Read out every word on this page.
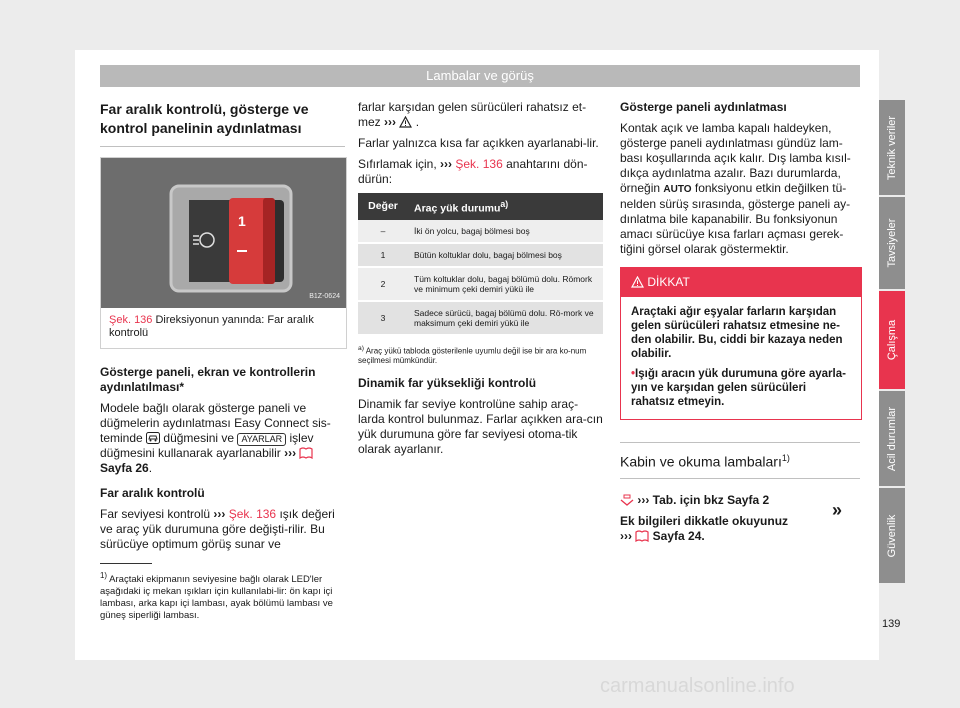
Lambalar ve görüş
Far aralık kontrolü, gösterge ve kontrol panelinin aydınlatması
1
B1Z-0624
Şek. 136 Direksiyonun yanında: Far aralık kontrolü

Gösterge paneli, ekran ve kontrollerin aydınlatılması*

Modele bağlı olarak gösterge paneli ve düğmelerin aydınlatması Easy Connect sis-teminde düğmesini ve AYARLAR işlev düğmesini kullanarak ayarlanabilir ›››  Sayfa 26.

Far aralık kontrolü

Far seviyesi kontrolü ››› Şek. 136 ışık değeri ve araç yük durumuna göre değişti-rilir. Bu sürücüye optimum görüş sunar ve

$^{1)}$ Araçtaki ekipmanın seviyesine bağlı olarak LED'ler aşağıdaki iç mekan ışıkları için kullanılabi-lir: ön kapı içi lambası, arka kapı içi lambası, ayak bölümü lambası ve güneş siperliği lambası.

farlar karşıdan gelen sürücüleri rahatsız et-mez ›››  .

Farlar yalnızca kısa far açıkken ayarlanabi-lir.

Sıfırlamak için, ››› Şek. 136 anahtarını dön-dürün:

Değer	Araç yük durumu$^{a)}$
–	İki ön yolcu, bagaj bölmesi boş
1	Bütün koltuklar dolu, bagaj bölmesi boş
2	Tüm koltuklar dolu, bagaj bölümü dolu. Römork ve minimum çeki demiri yükü ile
3	Sadece sürücü, bagaj bölümü dolu. Rö-mork ve maksimum çeki demiri yükü ile
$^{a)}$ Araç yükü tabloda gösterilenle uyumlu değil ise bir ara ko-num seçilmesi mümkündür.

Dinamik far yüksekliği kontrolü

Dinamik far seviye kontrolüne sahip araç-larda kontrol bulunmaz. Farlar açıkken ara-cın yük durumuna göre far seviyesi otoma-tik olarak ayarlanır.

Gösterge paneli aydınlatması

Kontak açık ve lamba kapalı haldeyken, gösterge paneli aydınlatması gündüz lam-bası koşullarında açık kalır. Dış lamba kısıl-dıkça aydınlatma azalır. Bazı durumlarda, örneğin AUTO fonksiyonu etkin değilken tü-nelden sürüş sırasında, gösterge paneli ay-dınlatma bile kapanabilir. Bu fonksiyonun amacı sürücüye kısa farları açması gerek-tiğini görsel olarak göstermektir.

DİKKAT

Araçtaki ağır eşyalar farların karşıdan gelen sürücüleri rahatsız etmesine ne-den olabilir. Bu, ciddi bir kazaya neden olabilir.

• Işığı aracın yük durumuna göre ayarla-yın ve karşıdan gelen sürücüleri rahatsız etmeyin.

Kabin ve okuma lambaları$^{1)}$

››› Tab. için bkz Sayfa 2

Ek bilgileri dikkatle okuyunuz

›››  Sayfa 24.

»
Teknik veriler
Tavsiyeler
Çalışma
Acil durumlar
Güvenlik
139
carmanualsonline.info
